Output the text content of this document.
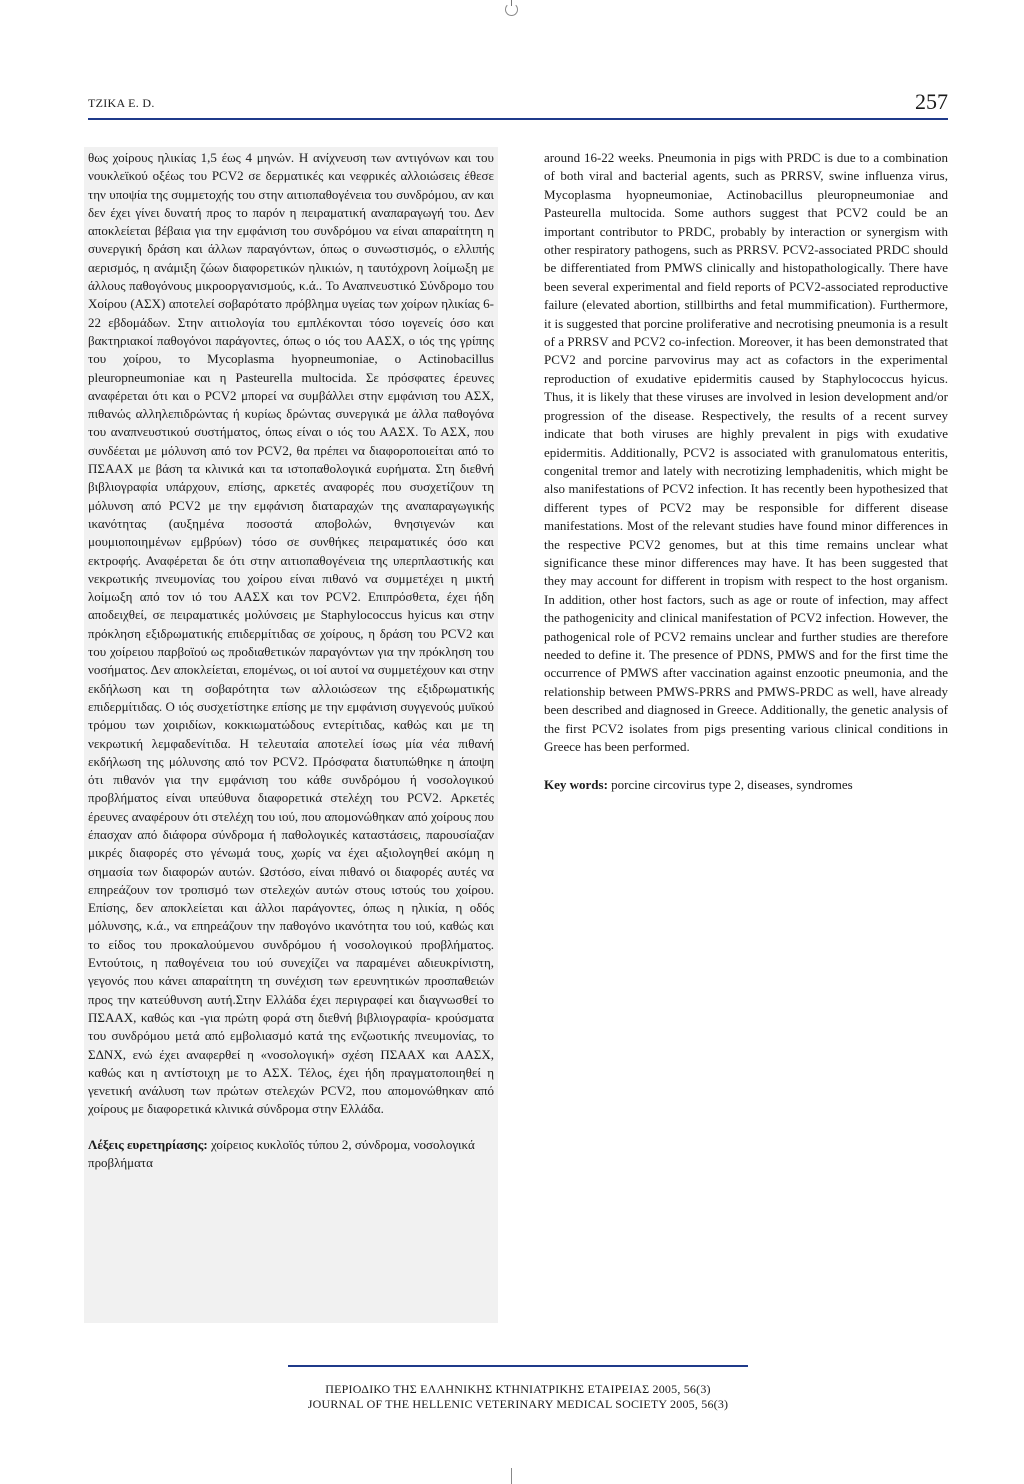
TZIKA E. D.	257

θως χοίρους ηλικίας 1,5 έως 4 μηνών. Η ανίχνευση των αντιγόνων και του νουκλεϊκού οξέως του PCV2 σε δερματικές και νεφρικές αλλοιώσεις έθεσε την υποψία της συμμετοχής του στην αιτιοπαθογένεια του συνδρόμου, αν και δεν έχει γίνει δυνατή προς το παρόν η πειραματική αναπαραγωγή του. Δεν αποκλείεται βέβαια για την εμφάνιση του συνδρόμου να είναι απαραίτητη η συνεργική δράση και άλλων παραγόντων, όπως ο συνωστισμός, ο ελλιπής αερισμός, η ανάμιξη ζώων διαφορετικών ηλικιών, η ταυτόχρονη λοίμωξη με άλλους παθογόνους μικροοργανισμούς, κ.ά.. Το Αναπνευστικό Σύνδρομο του Χοίρου (ΑΣΧ) αποτελεί σοβαρότατο πρόβλημα υγείας των χοίρων ηλικίας 6-22 εβδομάδων. Στην αιτιολογία του εμπλέκονται τόσο ιογενείς όσο και βακτηριακοί παθογόνοι παράγοντες, όπως ο ιός του ΑΑΣΧ, ο ιός της γρίπης του χοίρου, το Mycoplasma hyopneumoniae, ο Actinobacillus pleuropneumoniae και η Pasteurella multocida. Σε πρόσφατες έρευνες αναφέρεται ότι και ο PCV2 μπορεί να συμβάλλει στην εμφάνιση του ΑΣΧ, πιθανώς αλληλεπιδρώντας ή κυρίως δρώντας συνεργικά με άλλα παθογόνα του αναπνευστικού συστήματος, όπως είναι ο ιός του ΑΑΣΧ. Το ΑΣΧ, που συνδέεται με μόλυνση από τον PCV2, θα πρέπει να διαφοροποιείται από το ΠΣΑΑΧ με βάση τα κλινικά και τα ιστοπαθολογικά ευρήματα. Στη διεθνή βιβλιογραφία υπάρχουν, επίσης, αρκετές αναφορές που συσχετίζουν τη μόλυνση από PCV2 με την εμφάνιση διαταραχών της αναπαραγωγικής ικανότητας (αυξημένα ποσοστά αποβολών, θνησιγενών και μουμιοποιημένων εμβρύων) τόσο σε συνθήκες πειραματικές όσο και εκτροφής. Αναφέρεται δε ότι στην αιτιοπαθογένεια της υπερπλαστικής και νεκρωτικής πνευμονίας του χοίρου είναι πιθανό να συμμετέχει η μικτή λοίμωξη από τον ιό του ΑΑΣΧ και τον PCV2. Επιπρόσθετα, έχει ήδη αποδειχθεί, σε πειραματικές μολύνσεις με Staphylococcus hyicus και στην πρόκληση εξιδρωματικής επιδερμίτιδας σε χοίρους, η δράση του PCV2 και του χοίρειου παρβοϊού ως προδιαθετικών παραγόντων για την πρόκληση του νοσήματος. Δεν αποκλείεται, επομένως, οι ιοί αυτοί να συμμετέχουν και στην εκδήλωση και τη σοβαρότητα των αλλοιώσεων της εξιδρωματικής επιδερμίτιδας. Ο ιός συσχετίστηκε επίσης με την εμφάνιση συγγενούς μυϊκού τρόμου των χοιριδίων, κοκκιωματώδους εντερίτιδας, καθώς και με τη νεκρωτική λεμφαδενίτιδα. Η τελευταία αποτελεί ίσως μία νέα πιθανή εκδήλωση της μόλυνσης από τον PCV2. Πρόσφατα διατυπώθηκε η άποψη ότι πιθανόν για την εμφάνιση του κάθε συνδρόμου ή νοσολογικού προβλήματος είναι υπεύθυνα διαφορετικά στελέχη του PCV2. Αρκετές έρευνες αναφέρουν ότι στελέχη του ιού, που απομονώθηκαν από χοίρους που έπασχαν από διάφορα σύνδρομα ή παθολογικές καταστάσεις, παρουσίαζαν μικρές διαφορές στο γένωμά τους, χωρίς να έχει αξιολογηθεί ακόμη η σημασία των διαφορών αυτών. Ωστόσο, είναι πιθανό οι διαφορές αυτές να επηρεάζουν τον τροπισμό των στελεχών αυτών στους ιστούς του χοίρου. Επίσης, δεν αποκλείεται και άλλοι παράγοντες, όπως η ηλικία, η οδός μόλυνσης, κ.ά., να επηρεάζουν την παθογόνο ικανότητα του ιού, καθώς και το είδος του προκαλούμενου συνδρόμου ή νοσολογικού προβλήματος. Εντούτοις, η παθογένεια του ιού συνεχίζει να παραμένει αδιευκρίνιστη, γεγονός που κάνει απαραίτητη τη συνέχιση των ερευνητικών προσπαθειών προς την κατεύθυνση αυτή.Στην Ελλάδα έχει περιγραφεί και διαγνωσθεί το ΠΣΑΑΧ, καθώς και -για πρώτη φορά στη διεθνή βιβλιογραφία- κρούσματα του συνδρόμου μετά από εμβολιασμό κατά της ενζωοτικής πνευμονίας, το ΣΔΝΧ, ενώ έχει αναφερθεί η «νοσολογική» σχέση ΠΣΑΑΧ και ΑΑΣΧ, καθώς και η αντίστοιχη με το ΑΣΧ. Τέλος, έχει ήδη πραγματοποιηθεί η γενετική ανάλυση των πρώτων στελεχών PCV2, που απομονώθηκαν από χοίρους με διαφορετικά κλινικά σύνδρομα στην Ελλάδα.

Λέξεις ευρετηρίασης: χοίρειος κυκλοϊός τύπου 2, σύνδρομα, νοσολογικά προβλήματα

around 16-22 weeks. Pneumonia in pigs with PRDC is due to a combination of both viral and bacterial agents, such as PRRSV, swine influenza virus, Mycoplasma hyopneumoniae, Actinobacillus pleuropneumoniae and Pasteurella multocida. Some authors suggest that PCV2 could be an important contributor to PRDC, probably by interaction or synergism with other respiratory pathogens, such as PRRSV. PCV2-associated PRDC should be differentiated from PMWS clinically and histopathologically. There have been several experimental and field reports of PCV2-associated reproductive failure (elevated abortion, stillbirths and fetal mummification). Furthermore, it is suggested that porcine proliferative and necrotising pneumonia is a result of a PRRSV and PCV2 co-infection. Moreover, it has been demonstrated that PCV2 and porcine parvovirus may act as cofactors in the experimental reproduction of exudative epidermitis caused by Staphylococcus hyicus. Thus, it is likely that these viruses are involved in lesion development and/or progression of the disease. Respectively, the results of a recent survey indicate that both viruses are highly prevalent in pigs with exudative epidermitis. Additionally, PCV2 is associated with granulomatous enteritis, congenital tremor and lately with necrotizing lemphadenitis, which might be also manifestations of PCV2 infection. It has recently been hypothesized that different types of PCV2 may be responsible for different disease manifestations. Most of the relevant studies have found minor differences in the respective PCV2 genomes, but at this time remains unclear what significance these minor differences may have. It has been suggested that they may account for different in tropism with respect to the host organism. In addition, other host factors, such as age or route of infection, may affect the pathogenicity and clinical manifestation of PCV2 infection. However, the pathogenical role of PCV2 remains unclear and further studies are therefore needed to define it. The presence of PDNS, PMWS and for the first time the occurrence of PMWS after vaccination against enzootic pneumonia, and the relationship between PMWS-PRRS and PMWS-PRDC as well, have already been described and diagnosed in Greece. Additionally, the genetic analysis of the first PCV2 isolates from pigs presenting various clinical conditions in Greece has been performed.

Key words: porcine circovirus type 2, diseases, syndromes

ΠΕΡΙΟΔΙΚΟ ΤΗΣ ΕΛΛΗΝΙΚΗΣ ΚΤΗΝΙΑΤΡΙΚΗΣ ΕΤΑΙΡΕΙΑΣ 2005, 56(3)
JOURNAL OF THE HELLENIC VETERINARY MEDICAL SOCIETY 2005, 56(3)
